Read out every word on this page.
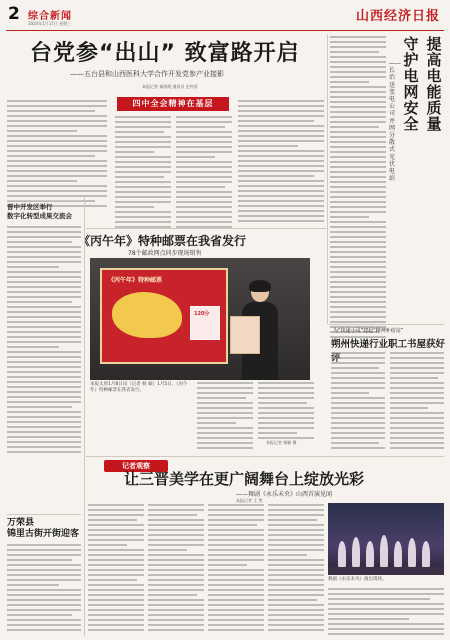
2 综合新闻
2024年1月17日 星期三	山西经济日报
台党参“出山” 致富路开启
——五台县和山西医科大学合作开发党参产业接影
本报记者 秦海霞 通讯员 史传雷
四中全会精神在基层
提高电能质量
守护电网安全
——长治送变电公司并网分散式光伏电站
晋中开发区举行
数字化转型成果交流会
《丙午年》特种邮票在我省发行
78个邮政网点同步现场销售
《丙午年》特种邮票
120分
本报太原1月8日讯（记者 杨 颖）1月5日，《丙午年》特种邮票在我省发行。
本报记者 杨颖 摄
为“快递小哥”建起“精神补给站”
朔州快递行业职工书屋获好
记者观察
让三晋美学在更广阔舞台上绽放光彩
——舞剧《永乐未央》山西首演见闻
本报记者 王 然
舞剧《永乐未央》演出现场。
万荣县
锦里古街开街迎客
